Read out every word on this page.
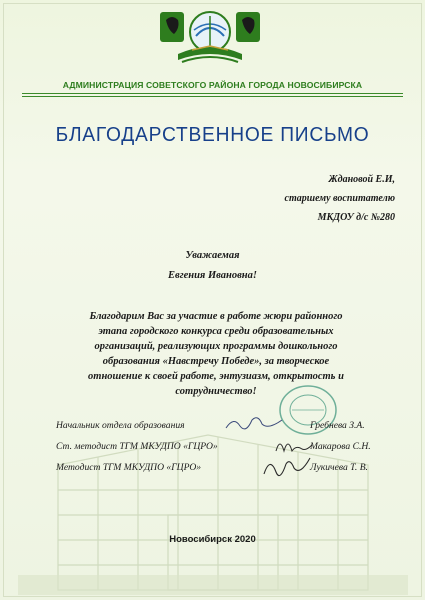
АДМИНИСТРАЦИЯ СОВЕТСКОГО РАЙОНА ГОРОДА НОВОСИБИРСКА
БЛАГОДАРСТВЕННОЕ ПИСЬМО
Ждановой Е.И,
старшему воспитателю
МКДОУ д/с №280
Уважаемая
Евгения Ивановна!
Благодарим Вас за участие в работе жюри районного
этапа городского конкурса среди образовательных
организаций, реализующих программы дошкольного
образования «Навстречу Победе», за творческое
отношение к своей работе, энтузиазм, открытость и
сотрудничество!
Начальник отдела образования	Гребнева З.А.
Ст. методист ТГМ МКУДПО «ГЦРО»	Макарова С.Н.
Методист ТГМ МКУДПО «ГЦРО»	Лукичева Т. В.
Новосибирск 2020
